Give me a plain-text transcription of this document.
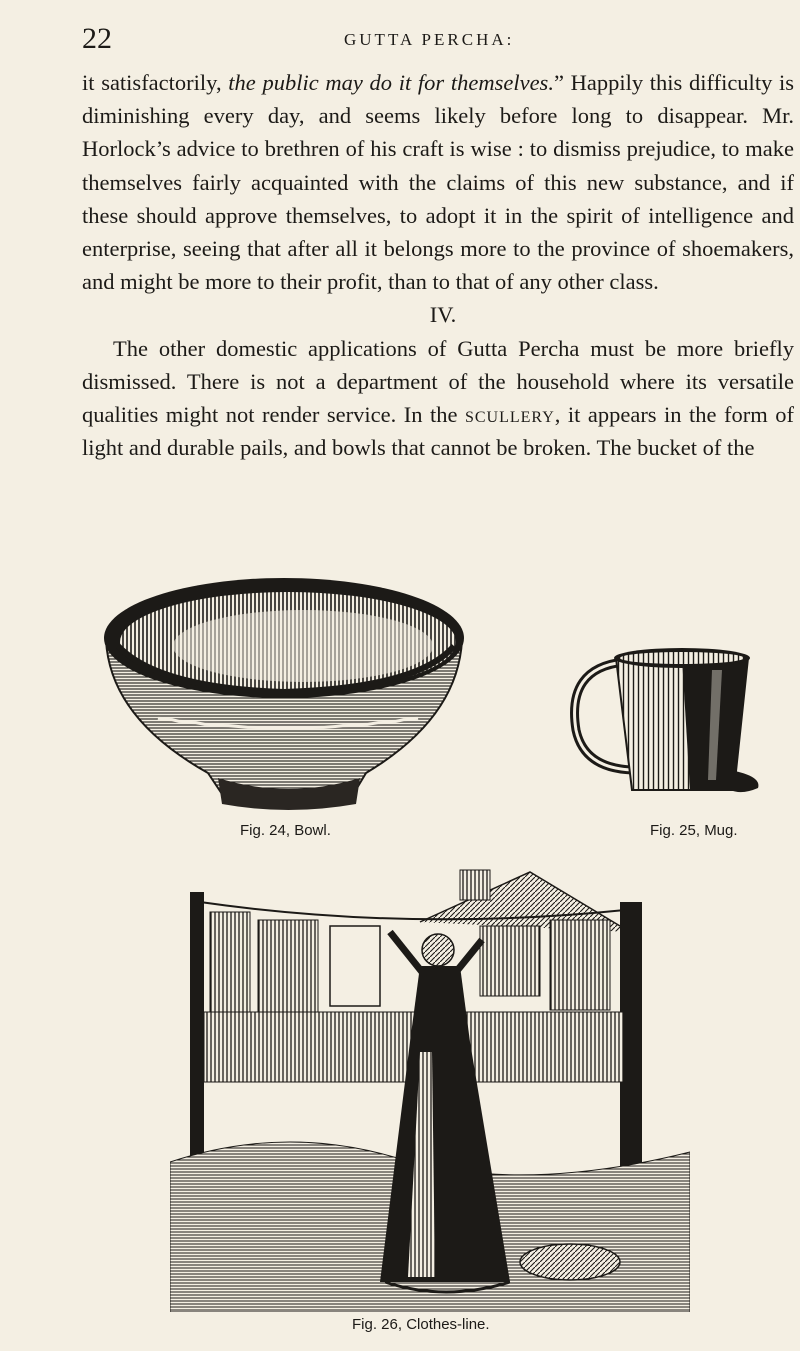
22	GUTTA PERCHA:

it satisfactorily, the public may do it for themselves.” Happily this difficulty is diminishing every day, and seems likely before long to disappear. Mr. Horlock’s advice to brethren of his craft is wise : to dismiss prejudice, to make themselves fairly acquainted with the claims of this new substance, and if these should approve themselves, to adopt it in the spirit of intelligence and enterprise, seeing that after all it belongs more to the province of shoemakers, and might be more to their profit, than to that of any other class.

IV.

The other domestic applications of Gutta Percha must be more briefly dismissed. There is not a department of the household where its versatile qualities might not render service. In the scullery, it appears in the form of light and durable pails, and bowls that cannot be broken. The bucket of the

Fig. 24, Bowl.	Fig. 25, Mug.
Fig. 26, Clothes-line.
